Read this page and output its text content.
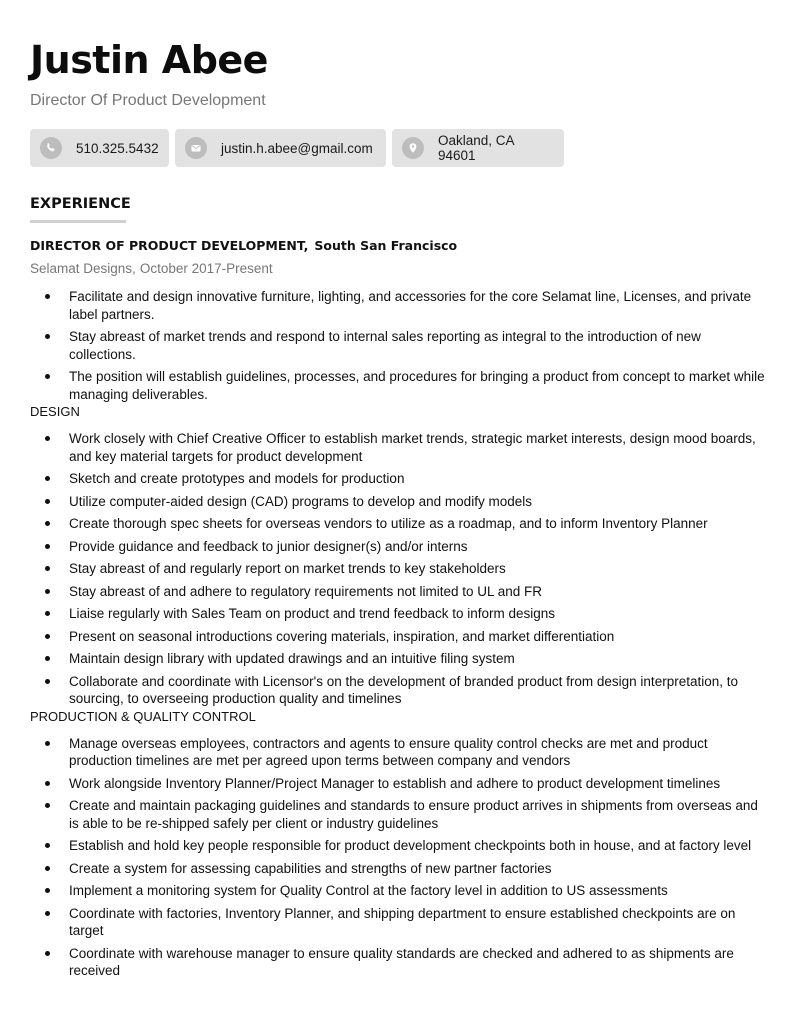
Justin Abee

Director Of Product Development

510.325.5432	justin.h.abee@gmail.com	Oakland, CA 94601
EXPERIENCE

DIRECTOR OF PRODUCT DEVELOPMENT, South San Francisco

Selamat Designs, October 2017-Present

Facilitate and design innovative furniture, lighting, and accessories for the core Selamat line, Licenses, and private label partners.
Stay abreast of market trends and respond to internal sales reporting as integral to the introduction of new collections.
The position will establish guidelines, processes, and procedures for bringing a product from concept to market while managing deliverables.
DESIGN
Work closely with Chief Creative Officer to establish market trends, strategic market interests, design mood boards, and key material targets for product development
Sketch and create prototypes and models for production
Utilize computer-aided design (CAD) programs to develop and modify models
Create thorough spec sheets for overseas vendors to utilize as a roadmap, and to inform Inventory Planner
Provide guidance and feedback to junior designer(s) and/or interns
Stay abreast of and regularly report on market trends to key stakeholders
Stay abreast of and adhere to regulatory requirements not limited to UL and FR
Liaise regularly with Sales Team on product and trend feedback to inform designs
Present on seasonal introductions covering materials, inspiration, and market differentiation
Maintain design library with updated drawings and an intuitive filing system
Collaborate and coordinate with Licensor's on the development of branded product from design interpretation, to sourcing, to overseeing production quality and timelines
PRODUCTION & QUALITY CONTROL
Manage overseas employees, contractors and agents to ensure quality control checks are met and product production timelines are met per agreed upon terms between company and vendors
Work alongside Inventory Planner/Project Manager to establish and adhere to product development timelines
Create and maintain packaging guidelines and standards to ensure product arrives in shipments from overseas and is able to be re-shipped safely per client or industry guidelines
Establish and hold key people responsible for product development checkpoints both in house, and at factory level
Create a system for assessing capabilities and strengths of new partner factories
Implement a monitoring system for Quality Control at the factory level in addition to US assessments
Coordinate with factories, Inventory Planner, and shipping department to ensure established checkpoints are on target
Coordinate with warehouse manager to ensure quality standards are checked and adhered to as shipments are received
